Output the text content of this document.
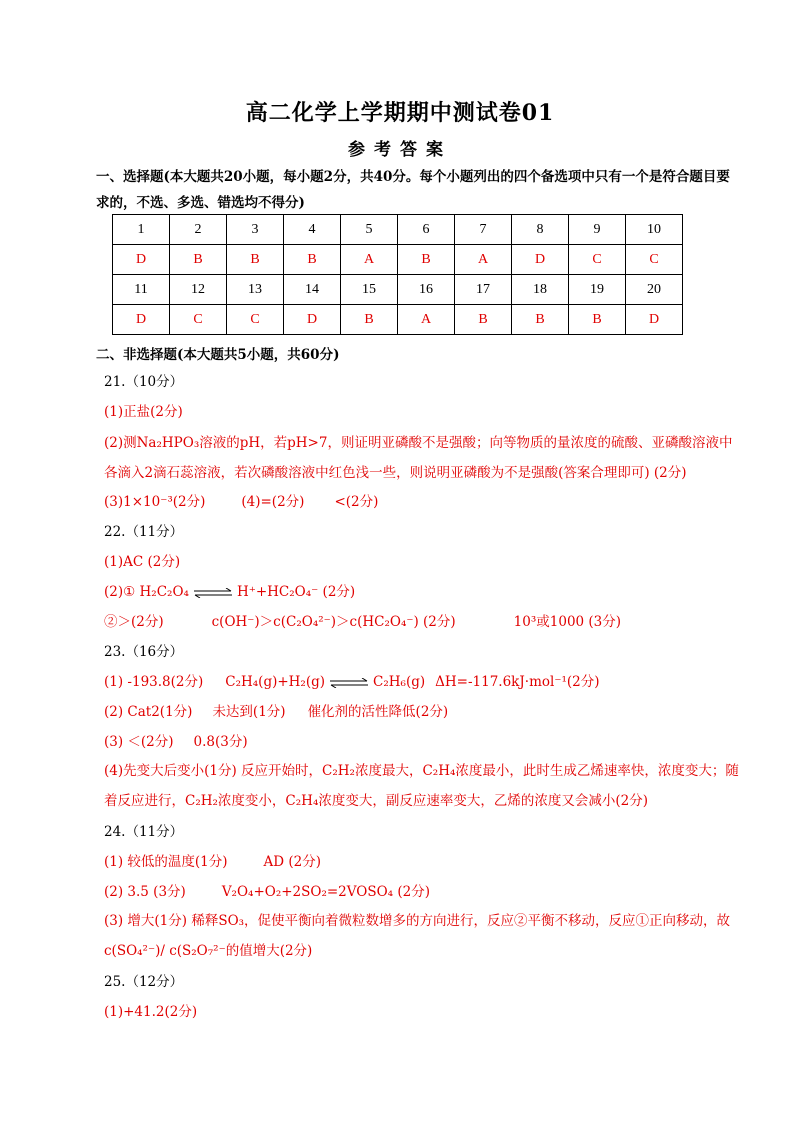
高二化学上学期期中测试卷01
参考答案
一、选择题(本大题共20小题，每小题2分，共40分。每个小题列出的四个备选项中只有一个是符合题目要求的，不选、多选、错选均不得分)
1	2	3	4	5	6	7	8	9	10
D	B	B	B	A	B	A	D	C	C
11	12	13	14	15	16	17	18	19	20
D	C	C	D	B	A	B	B	B	D
二、非选择题(本大题共5小题，共60分)
21.（10分）
(1)正盐(2分)
(2)测Na₂HPO₃溶液的pH，若pH>7，则证明亚磷酸不是强酸；向等物质的量浓度的硫酸、亚磷酸溶液中各滴入2滴石蕊溶液，若次磷酸溶液中红色浅一些，则说明亚磷酸为不是强酸(答案合理即可) (2分)
(3)1×10⁻³(2分)	(4)=(2分) <(2分)
22.（11分）
(1)AC (2分)
(2)① H₂C₂O₄ ⇌ H⁺+HC₂O₄⁻ (2分)
②＞(2分)	c(OH⁻)＞c(C₂O₄²⁻)＞c(HC₂O₄⁻) (2分)	10³或1000 (3分)
23.（16分）
(1) -193.8(2分) C₂H₄(g)+H₂(g) ⇌ C₂H₆(g) ΔH=-117.6kJ·mol⁻¹(2分)
(2) Cat2(1分) 未达到(1分) 催化剂的活性降低(2分)
(3) ＜(2分) 0.8(3分)
(4)先变大后变小(1分) 反应开始时，C₂H₂浓度最大，C₂H₄浓度最小，此时生成乙烯速率快，浓度变大；随着反应进行，C₂H₂浓度变小，C₂H₄浓度变大，副反应速率变大，乙烯的浓度又会减小(2分)
24.（11分）
(1) 较低的温度(1分)	AD (2分)
(2) 3.5 (3分)	V₂O₄+O₂+2SO₂=2VOSO₄ (2分)
(3) 增大(1分) 稀释SO₃，促使平衡向着微粒数增多的方向进行，反应②平衡不移动，反应①正向移动，故c(SO₄²⁻)/ c(S₂O₇²⁻的值增大(2分)
25.（12分）
(1)+41.2(2分)
